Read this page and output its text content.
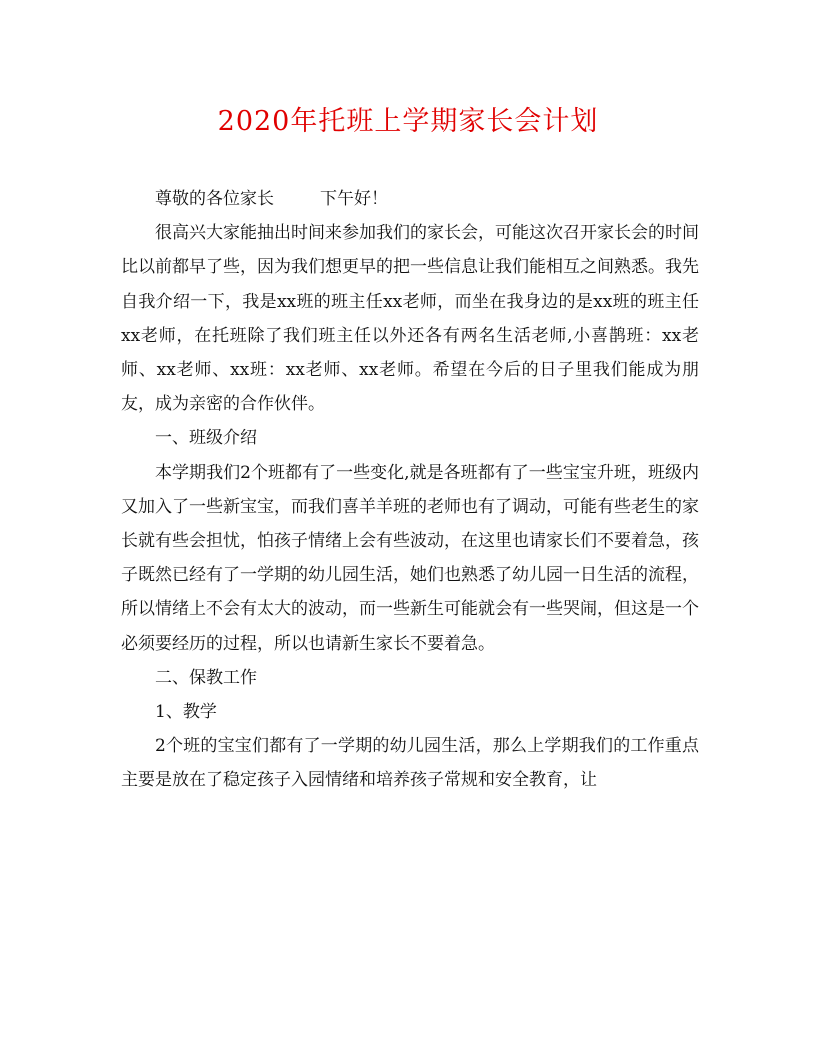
2020年托班上学期家长会计划

尊敬的各位家长	下午好！

很高兴大家能抽出时间来参加我们的家长会，可能这次召开家长会的时间比以前都早了些，因为我们想更早的把一些信息让我们能相互之间熟悉。我先自我介绍一下，我是xx班的班主任xx老师，而坐在我身边的是xx班的班主任xx老师，在托班除了我们班主任以外还各有两名生活老师,小喜鹊班：xx老师、xx老师、xx班：xx老师、xx老师。希望在今后的日子里我们能成为朋友，成为亲密的合作伙伴。

一、班级介绍

本学期我们2个班都有了一些变化,就是各班都有了一些宝宝升班，班级内又加入了一些新宝宝，而我们喜羊羊班的老师也有了调动，可能有些老生的家长就有些会担忧，怕孩子情绪上会有些波动，在这里也请家长们不要着急，孩子既然已经有了一学期的幼儿园生活，她们也熟悉了幼儿园一日生活的流程，所以情绪上不会有太大的波动，而一些新生可能就会有一些哭闹，但这是一个必须要经历的过程，所以也请新生家长不要着急。

二、保教工作

1、教学

2个班的宝宝们都有了一学期的幼儿园生活，那么上学期我们的工作重点主要是放在了稳定孩子入园情绪和培养孩子常规和安全教育，让
